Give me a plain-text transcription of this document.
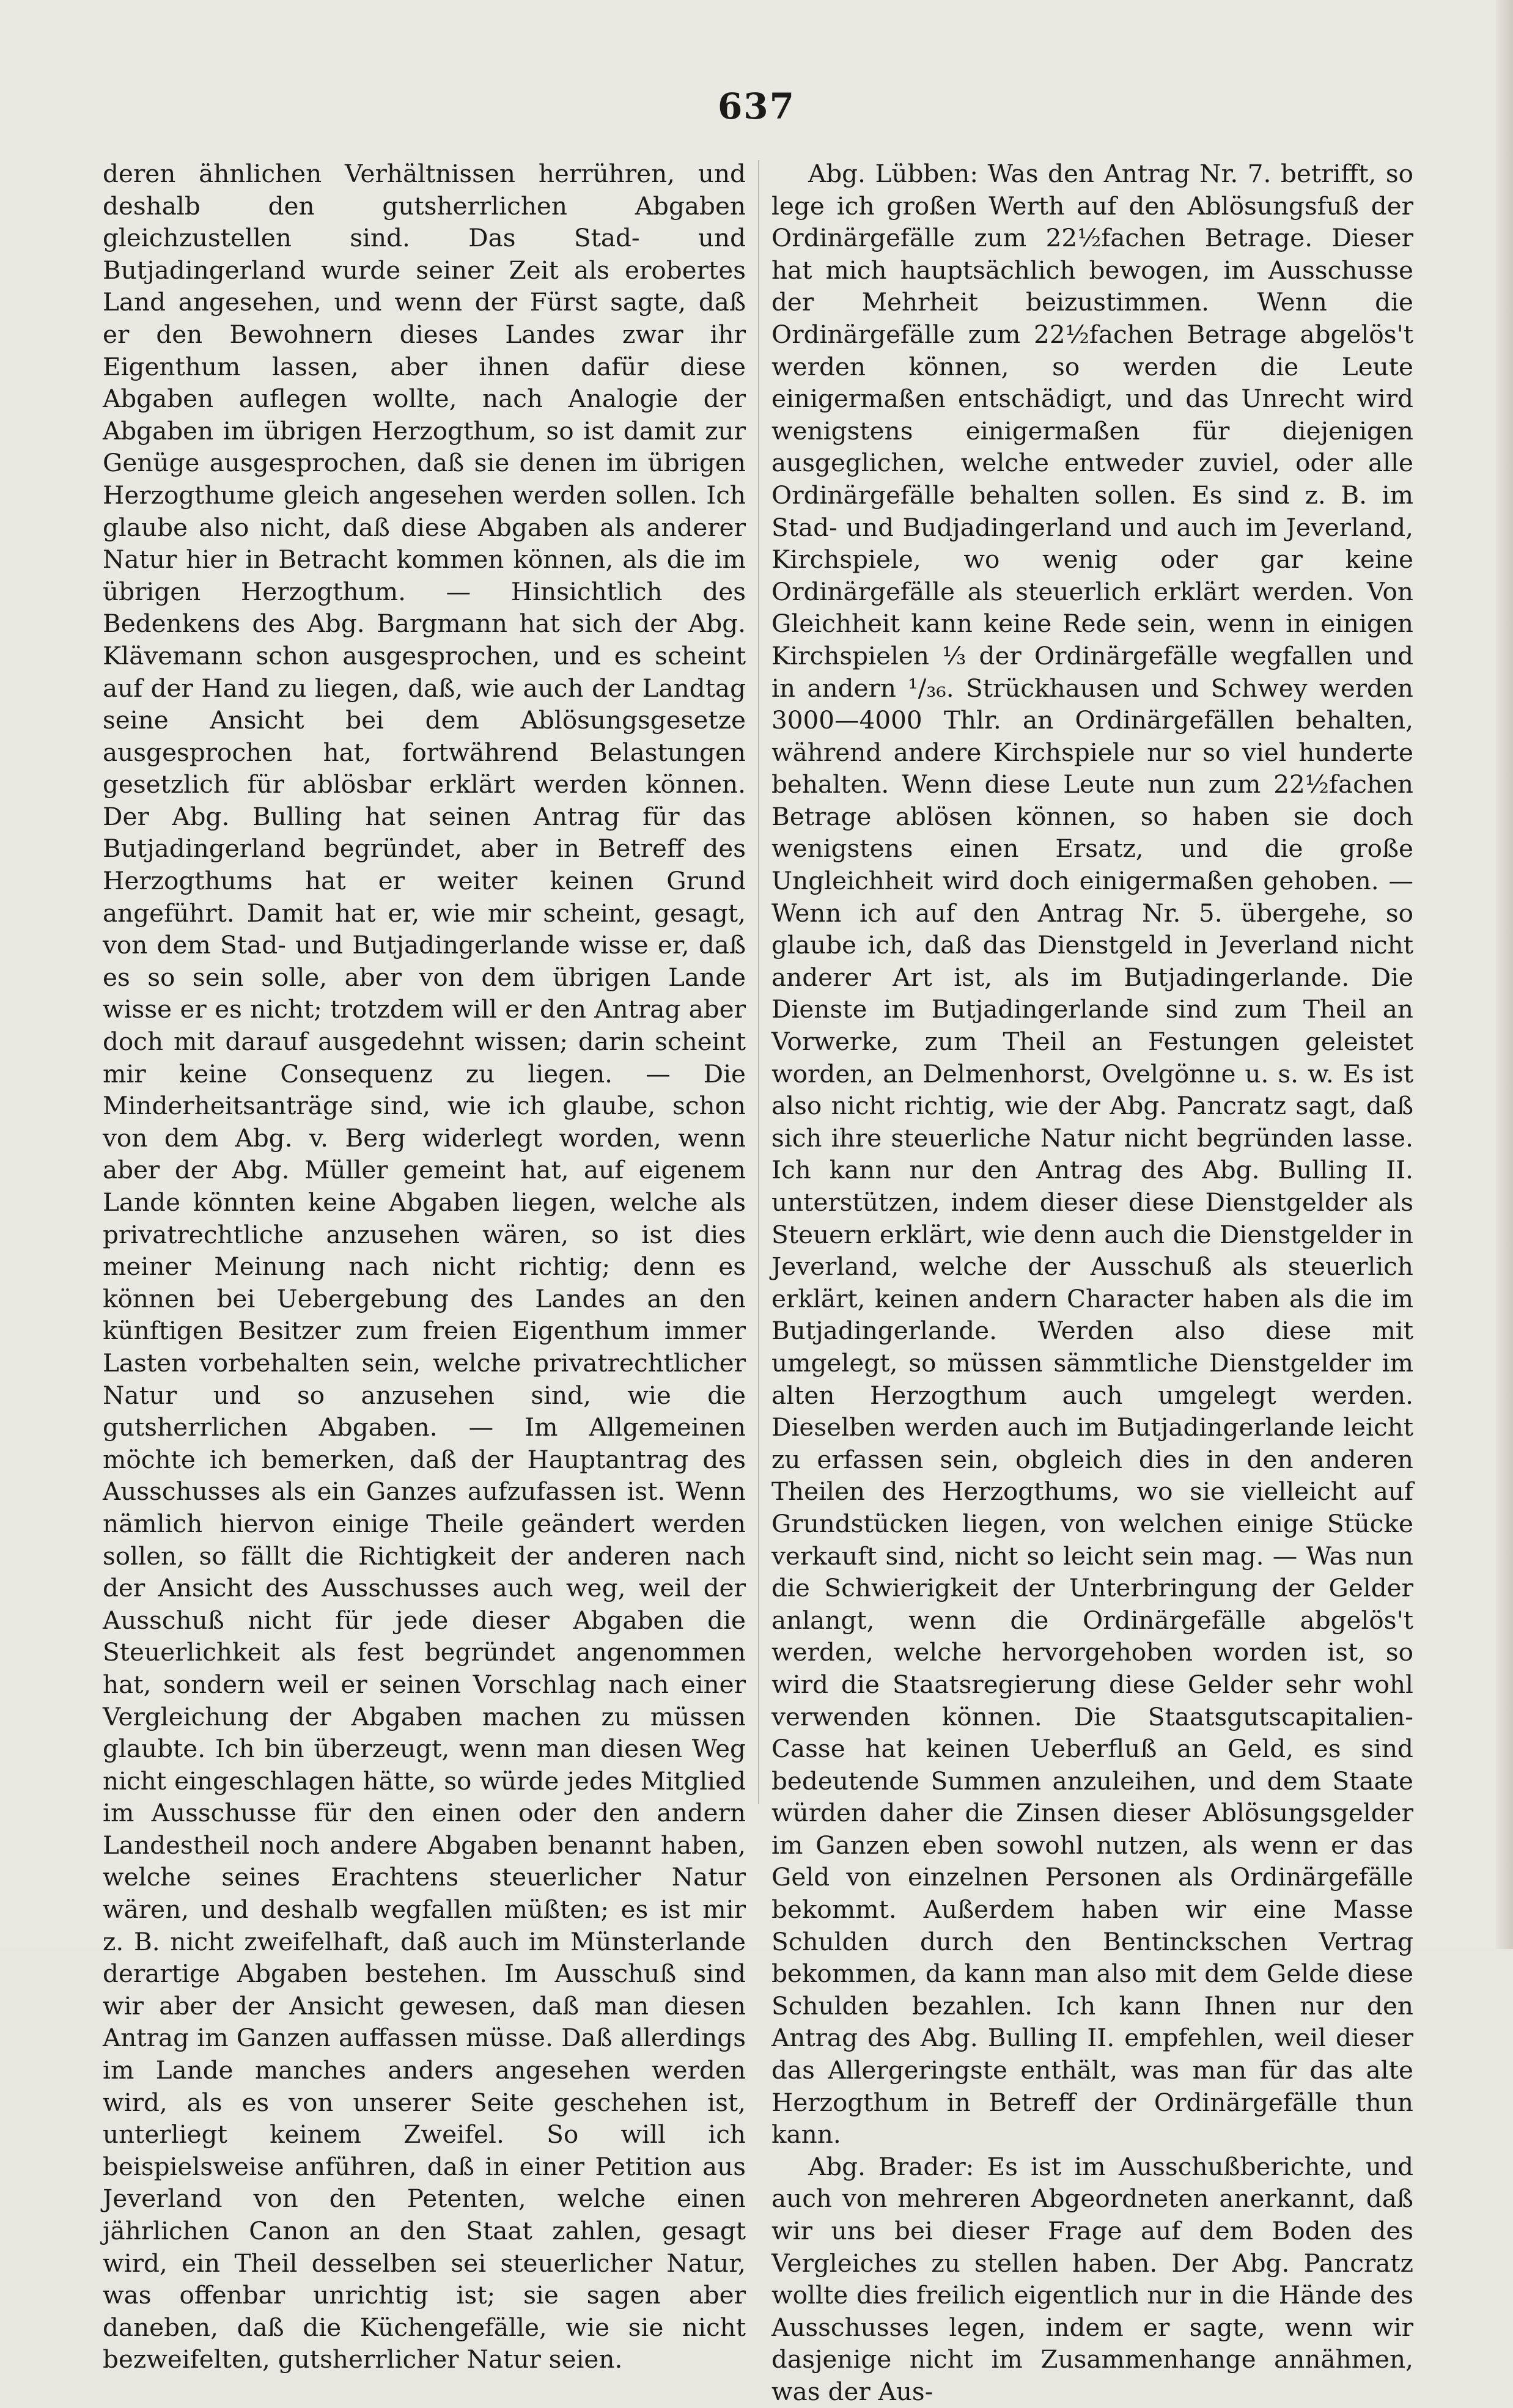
637

deren ähnlichen Verhältnissen herrühren, und deshalb den gutsherrlichen Abgaben gleichzustellen sind. Das Stad- und Butjadingerland wurde seiner Zeit als erobertes Land angesehen, und wenn der Fürst sagte, daß er den Bewohnern dieses Landes zwar ihr Eigenthum lassen, aber ihnen dafür diese Abgaben auflegen wollte, nach Analogie der Abgaben im übrigen Herzogthum, so ist damit zur Genüge ausgesprochen, daß sie denen im übrigen Herzogthume gleich angesehen werden sollen. Ich glaube also nicht, daß diese Abgaben als anderer Natur hier in Betracht kommen können, als die im übrigen Herzogthum. — Hinsichtlich des Bedenkens des Abg. Bargmann hat sich der Abg. Klävemann schon ausgesprochen, und es scheint auf der Hand zu liegen, daß, wie auch der Landtag seine Ansicht bei dem Ablösungsgesetze ausgesprochen hat, fortwährend Belastungen gesetzlich für ablösbar erklärt werden können. Der Abg. Bulling hat seinen Antrag für das Butjadingerland begründet, aber in Betreff des Herzogthums hat er weiter keinen Grund angeführt. Damit hat er, wie mir scheint, gesagt, von dem Stad- und Butjadingerlande wisse er, daß es so sein solle, aber von dem übrigen Lande wisse er es nicht; trotzdem will er den Antrag aber doch mit darauf ausgedehnt wissen; darin scheint mir keine Consequenz zu liegen. — Die Minderheitsanträge sind, wie ich glaube, schon von dem Abg. v. Berg widerlegt worden, wenn aber der Abg. Müller gemeint hat, auf eigenem Lande könnten keine Abgaben liegen, welche als privatrechtliche anzusehen wären, so ist dies meiner Meinung nach nicht richtig; denn es können bei Uebergebung des Landes an den künftigen Besitzer zum freien Eigenthum immer Lasten vorbehalten sein, welche privatrechtlicher Natur und so anzusehen sind, wie die gutsherrlichen Abgaben. — Im Allgemeinen möchte ich bemerken, daß der Hauptantrag des Ausschusses als ein Ganzes aufzufassen ist. Wenn nämlich hiervon einige Theile geändert werden sollen, so fällt die Richtigkeit der anderen nach der Ansicht des Ausschusses auch weg, weil der Ausschuß nicht für jede dieser Abgaben die Steuerlichkeit als fest begründet angenommen hat, sondern weil er seinen Vorschlag nach einer Vergleichung der Abgaben machen zu müssen glaubte. Ich bin überzeugt, wenn man diesen Weg nicht eingeschlagen hätte, so würde jedes Mitglied im Ausschusse für den einen oder den andern Landestheil noch andere Abgaben benannt haben, welche seines Erachtens steuerlicher Natur wären, und deshalb wegfallen müßten; es ist mir z. B. nicht zweifelhaft, daß auch im Münsterlande derartige Abgaben bestehen. Im Ausschuß sind wir aber der Ansicht gewesen, daß man diesen Antrag im Ganzen auffassen müsse. Daß allerdings im Lande manches anders angesehen werden wird, als es von unserer Seite geschehen ist, unterliegt keinem Zweifel. So will ich beispielsweise anführen, daß in einer Petition aus Jeverland von den Petenten, welche einen jährlichen Canon an den Staat zahlen, gesagt wird, ein Theil desselben sei steuerlicher Natur, was offenbar unrichtig ist; sie sagen aber daneben, daß die Küchengefälle, wie sie nicht bezweifelten, gutsherrlicher Natur seien.

Abg. Lübben: Was den Antrag Nr. 7. betrifft, so lege ich großen Werth auf den Ablösungsfuß der Ordinärgefälle zum 22½fachen Betrage. Dieser hat mich hauptsächlich bewogen, im Ausschusse der Mehrheit beizustimmen. Wenn die Ordinärgefälle zum 22½fachen Betrage abgelös't werden können, so werden die Leute einigermaßen entschädigt, und das Unrecht wird wenigstens einigermaßen für diejenigen ausgeglichen, welche entweder zuviel, oder alle Ordinärgefälle behalten sollen. Es sind z. B. im Stad- und Budjadingerland und auch im Jeverland, Kirchspiele, wo wenig oder gar keine Ordinärgefälle als steuerlich erklärt werden. Von Gleichheit kann keine Rede sein, wenn in einigen Kirchspielen ⅓ der Ordinärgefälle wegfallen und in andern ¹/₃₆. Strückhausen und Schwey werden 3000—4000 Thlr. an Ordinärgefällen behalten, während andere Kirchspiele nur so viel hunderte behalten. Wenn diese Leute nun zum 22½fachen Betrage ablösen können, so haben sie doch wenigstens einen Ersatz, und die große Ungleichheit wird doch einigermaßen gehoben. — Wenn ich auf den Antrag Nr. 5. übergehe, so glaube ich, daß das Dienstgeld in Jeverland nicht anderer Art ist, als im Butjadingerlande. Die Dienste im Butjadingerlande sind zum Theil an Vorwerke, zum Theil an Festungen geleistet worden, an Delmenhorst, Ovelgönne u. s. w. Es ist also nicht richtig, wie der Abg. Pancratz sagt, daß sich ihre steuerliche Natur nicht begründen lasse. Ich kann nur den Antrag des Abg. Bulling II. unterstützen, indem dieser diese Dienstgelder als Steuern erklärt, wie denn auch die Dienstgelder in Jeverland, welche der Ausschuß als steuerlich erklärt, keinen andern Character haben als die im Butjadingerlande. Werden also diese mit umgelegt, so müssen sämmtliche Dienstgelder im alten Herzogthum auch umgelegt werden. Dieselben werden auch im Butjadingerlande leicht zu erfassen sein, obgleich dies in den anderen Theilen des Herzogthums, wo sie vielleicht auf Grundstücken liegen, von welchen einige Stücke verkauft sind, nicht so leicht sein mag. — Was nun die Schwierigkeit der Unterbringung der Gelder anlangt, wenn die Ordinärgefälle abgelös't werden, welche hervorgehoben worden ist, so wird die Staatsregierung diese Gelder sehr wohl verwenden können. Die Staatsgutscapitalien-Casse hat keinen Ueberfluß an Geld, es sind bedeutende Summen anzuleihen, und dem Staate würden daher die Zinsen dieser Ablösungsgelder im Ganzen eben sowohl nutzen, als wenn er das Geld von einzelnen Personen als Ordinärgefälle bekommt. Außerdem haben wir eine Masse Schulden durch den Bentinckschen Vertrag bekommen, da kann man also mit dem Gelde diese Schulden bezahlen. Ich kann Ihnen nur den Antrag des Abg. Bulling II. empfehlen, weil dieser das Allergeringste enthält, was man für das alte Herzogthum in Betreff der Ordinärgefälle thun kann.

Abg. Brader: Es ist im Ausschußberichte, und auch von mehreren Abgeordneten anerkannt, daß wir uns bei dieser Frage auf dem Boden des Vergleiches zu stellen haben. Der Abg. Pancratz wollte dies freilich eigentlich nur in die Hände des Ausschusses legen, indem er sagte, wenn wir dasjenige nicht im Zusammenhange annähmen, was der Aus-
